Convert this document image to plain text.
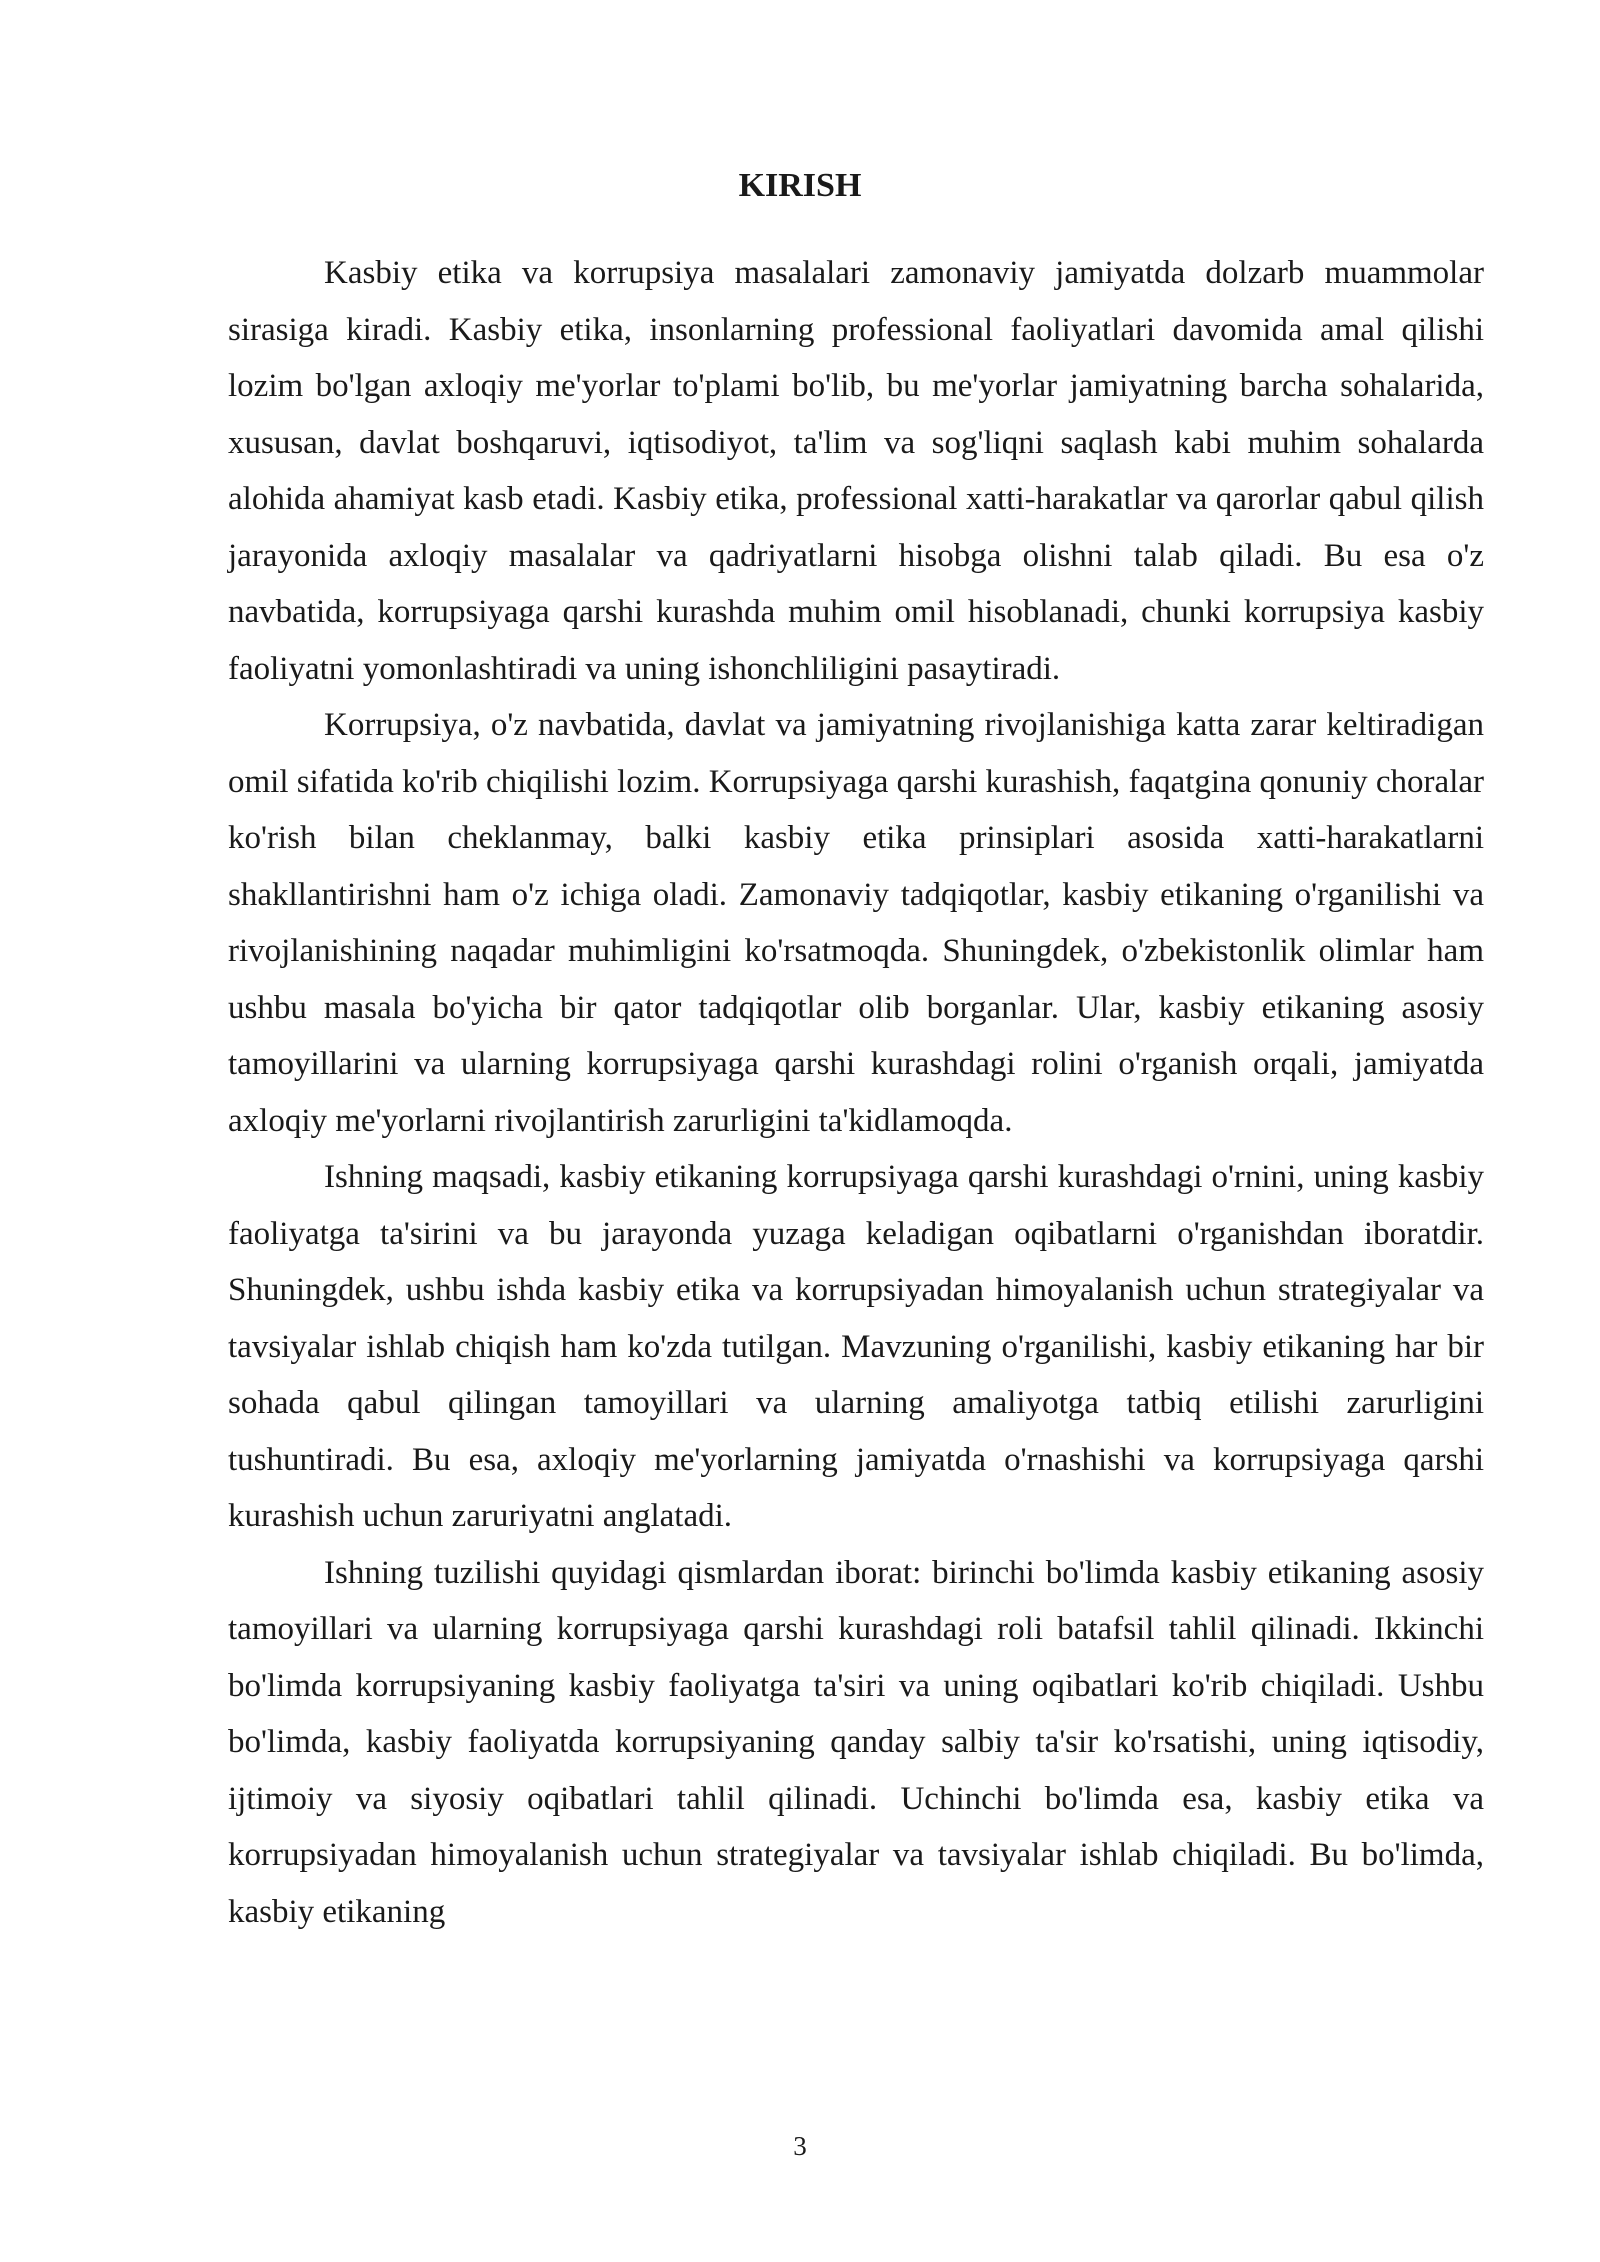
KIRISH

Kasbiy etika va korrupsiya masalalari zamonaviy jamiyatda dolzarb muammolar sirasiga kiradi. Kasbiy etika, insonlarning professional faoliyatlari davomida amal qilishi lozim bo'lgan axloqiy me'yorlar to'plami bo'lib, bu me'yorlar jamiyatning barcha sohalarida, xususan, davlat boshqaruvi, iqtisodiyot, ta'lim va sog'liqni saqlash kabi muhim sohalarda alohida ahamiyat kasb etadi. Kasbiy etika, professional xatti-harakatlar va qarorlar qabul qilish jarayonida axloqiy masalalar va qadriyatlarni hisobga olishni talab qiladi. Bu esa o'z navbatida, korrupsiyaga qarshi kurashda muhim omil hisoblanadi, chunki korrupsiya kasbiy faoliyatni yomonlashtiradi va uning ishonchliligini pasaytiradi.

Korrupsiya, o'z navbatida, davlat va jamiyatning rivojlanishiga katta zarar keltiradigan omil sifatida ko'rib chiqilishi lozim. Korrupsiyaga qarshi kurashish, faqatgina qonuniy choralar ko'rish bilan cheklanmay, balki kasbiy etika prinsiplari asosida xatti-harakatlarni shakllantirishni ham o'z ichiga oladi. Zamonaviy tadqiqotlar, kasbiy etikaning o'rganilishi va rivojlanishining naqadar muhimligini ko'rsatmoqda. Shuningdek, o'zbekistonlik olimlar ham ushbu masala bo'yicha bir qator tadqiqotlar olib borganlar. Ular, kasbiy etikaning asosiy tamoyillarini va ularning korrupsiyaga qarshi kurashdagi rolini o'rganish orqali, jamiyatda axloqiy me'yorlarni rivojlantirish zarurligini ta'kidlamoqda.

Ishning maqsadi, kasbiy etikaning korrupsiyaga qarshi kurashdagi o'rnini, uning kasbiy faoliyatga ta'sirini va bu jarayonda yuzaga keladigan oqibatlarni o'rganishdan iboratdir. Shuningdek, ushbu ishda kasbiy etika va korrupsiyadan himoyalanish uchun strategiyalar va tavsiyalar ishlab chiqish ham ko'zda tutilgan. Mavzuning o'rganilishi, kasbiy etikaning har bir sohada qabul qilingan tamoyillari va ularning amaliyotga tatbiq etilishi zarurligini tushuntiradi. Bu esa, axloqiy me'yorlarning jamiyatda o'rnashishi va korrupsiyaga qarshi kurashish uchun zaruriyatni anglatadi.

Ishning tuzilishi quyidagi qismlardan iborat: birinchi bo'limda kasbiy etikaning asosiy tamoyillari va ularning korrupsiyaga qarshi kurashdagi roli batafsil tahlil qilinadi. Ikkinchi bo'limda korrupsiyaning kasbiy faoliyatga ta'siri va uning oqibatlari ko'rib chiqiladi. Ushbu bo'limda, kasbiy faoliyatda korrupsiyaning qanday salbiy ta'sir ko'rsatishi, uning iqtisodiy, ijtimoiy va siyosiy oqibatlari tahlil qilinadi. Uchinchi bo'limda esa, kasbiy etika va korrupsiyadan himoyalanish uchun strategiyalar va tavsiyalar ishlab chiqiladi. Bu bo'limda, kasbiy etikaning

3
